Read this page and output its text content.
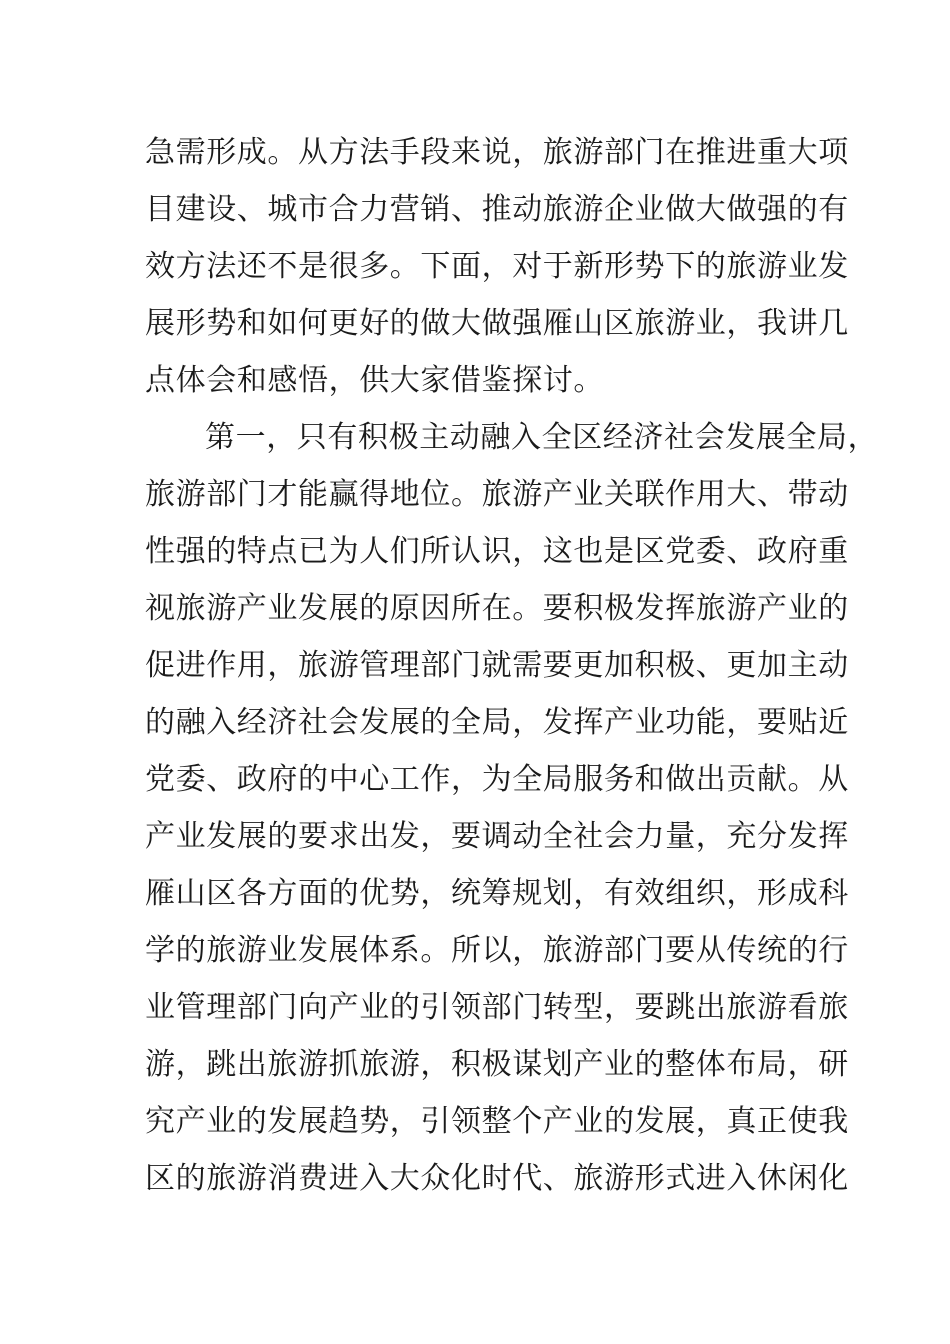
急需形成。从方法手段来说，旅游部门在推进重大项
目建设、城市合力营销、推动旅游企业做大做强的有
效方法还不是很多。下面，对于新形势下的旅游业发
展形势和如何更好的做大做强雁山区旅游业，我讲几
点体会和感悟，供大家借鉴探讨。
第一，只有积极主动融入全区经济社会发展全局，
旅游部门才能赢得地位。旅游产业关联作用大、带动
性强的特点已为人们所认识，这也是区党委、政府重
视旅游产业发展的原因所在。要积极发挥旅游产业的
促进作用，旅游管理部门就需要更加积极、更加主动
的融入经济社会发展的全局，发挥产业功能，要贴近
党委、政府的中心工作，为全局服务和做出贡献。从
产业发展的要求出发，要调动全社会力量，充分发挥
雁山区各方面的优势，统筹规划，有效组织，形成科
学的旅游业发展体系。所以，旅游部门要从传统的行
业管理部门向产业的引领部门转型，要跳出旅游看旅
游，跳出旅游抓旅游，积极谋划产业的整体布局，研
究产业的发展趋势，引领整个产业的发展，真正使我
区的旅游消费进入大众化时代、旅游形式进入休闲化
